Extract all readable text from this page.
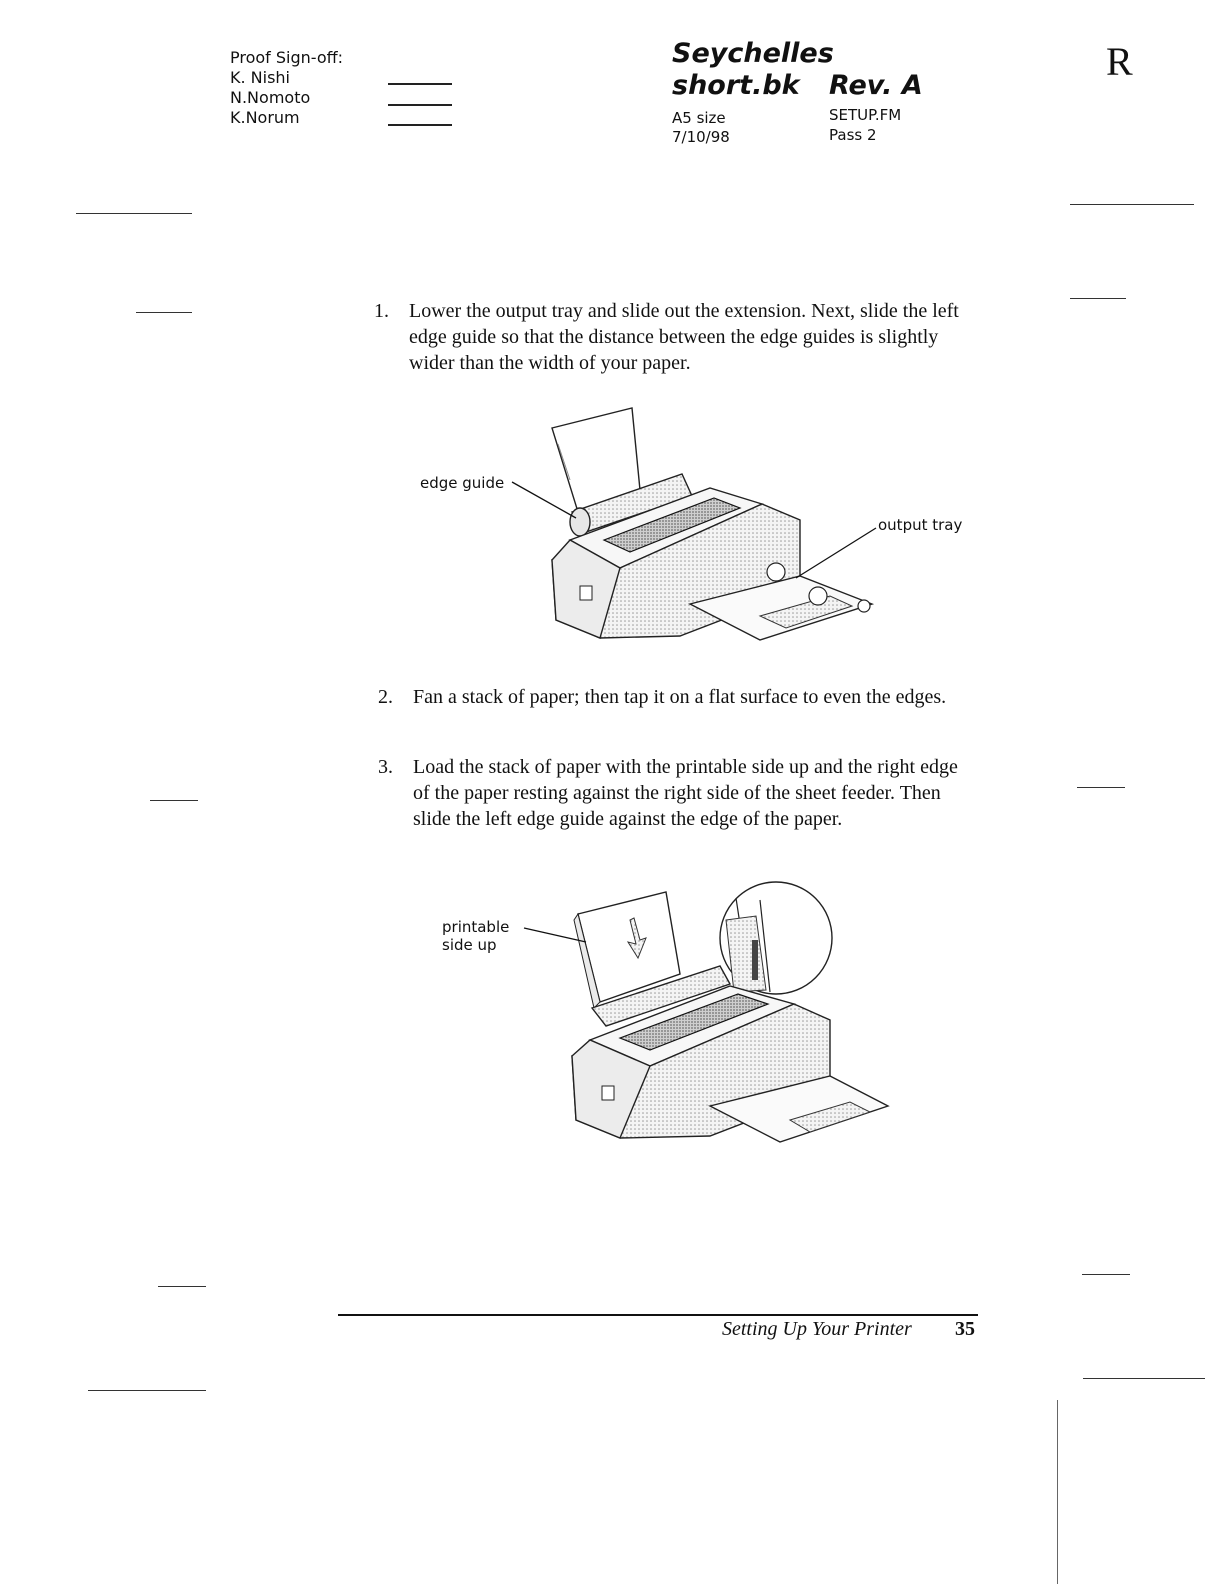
Proof Sign-off:
K. Nishi
N.Nomoto
K.Norum
Seychelles
short.bk Rev. A
A5 size
7/10/98
SETUP.FM
Pass 2
R
1. Lower the output tray and slide out the extension. Next, slide the left edge guide so that the distance between the edge guides is slightly wider than the width of your paper.
edge guide
output tray
2. Fan a stack of paper; then tap it on a flat surface to even the edges.
3. Load the stack of paper with the printable side up and the right edge of the paper resting against the right side of the sheet feeder. Then slide the left edge guide against the edge of the paper.
printable
side up
Setting Up Your Printer 35
